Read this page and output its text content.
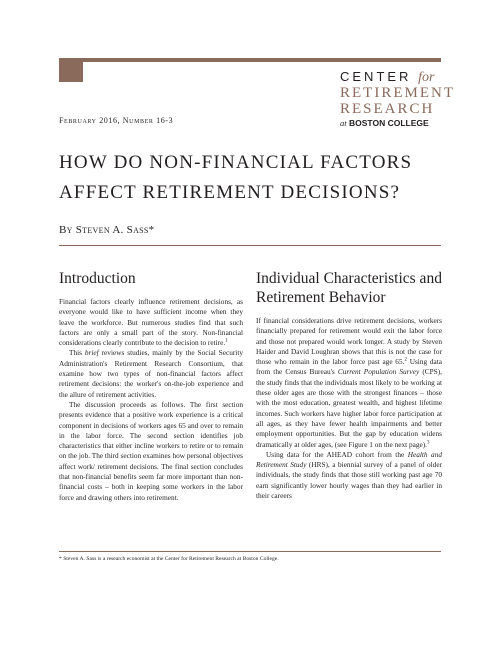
CENTER for
RETIREMENT
RESEARCH
at BOSTON COLLEGE
February 2016, Number 16-3
HOW DO NON-FINANCIAL FACTORS
AFFECT RETIREMENT DECISIONS?
By Steven A. Sass*
Introduction	Individual Characteristics and Retirement Behavior

Financial factors clearly influence retirement decisions, as everyone would like to have sufficient income when they leave the workforce. But numerous studies find that such factors are only a small part of the story. Non-financial considerations clearly contribute to the decision to retire.$^1$

This brief reviews studies, mainly by the Social Security Administration's Retirement Research Consortium, that examine how two types of non-financial factors affect retirement decisions: the worker's on-the-job experience and the allure of retirement activities.

The discussion proceeds as follows. The first section presents evidence that a positive work experience is a critical component in decisions of workers ages 65 and over to remain in the labor force. The second section identifies job characteristics that either incline workers to retire or to remain on the job. The third section examines how personal objectives affect work/ retirement decisions. The final section concludes that non-financial benefits seem far more important than non-financial costs – both in keeping some workers in the labor force and drawing others into retirement.

If financial considerations drive retirement decisions, workers financially prepared for retirement would exit the labor force and those not prepared would work longer. A study by Steven Haider and David Loughran shows that this is not the case for those who remain in the labor force past age 65.$^2$ Using data from the Census Bureau's Current Population Survey (CPS), the study finds that the individuals most likely to be working at these older ages are those with the strongest finances – those with the most education, greatest wealth, and highest lifetime incomes. Such workers have higher labor force participation at all ages, as they have fewer health impairments and better employment opportunities. But the gap by education widens dramatically at older ages, (see Figure 1 on the next page).$^3$

Using data for the AHEAD cohort from the Health and Retirement Study (HRS), a biennial survey of a panel of older individuals, the study finds that those still working past age 70 earn significantly lower hourly wages than they had earlier in their careers

* Steven A. Sass is a research economist at the Center for Retirement Research at Boston College.
